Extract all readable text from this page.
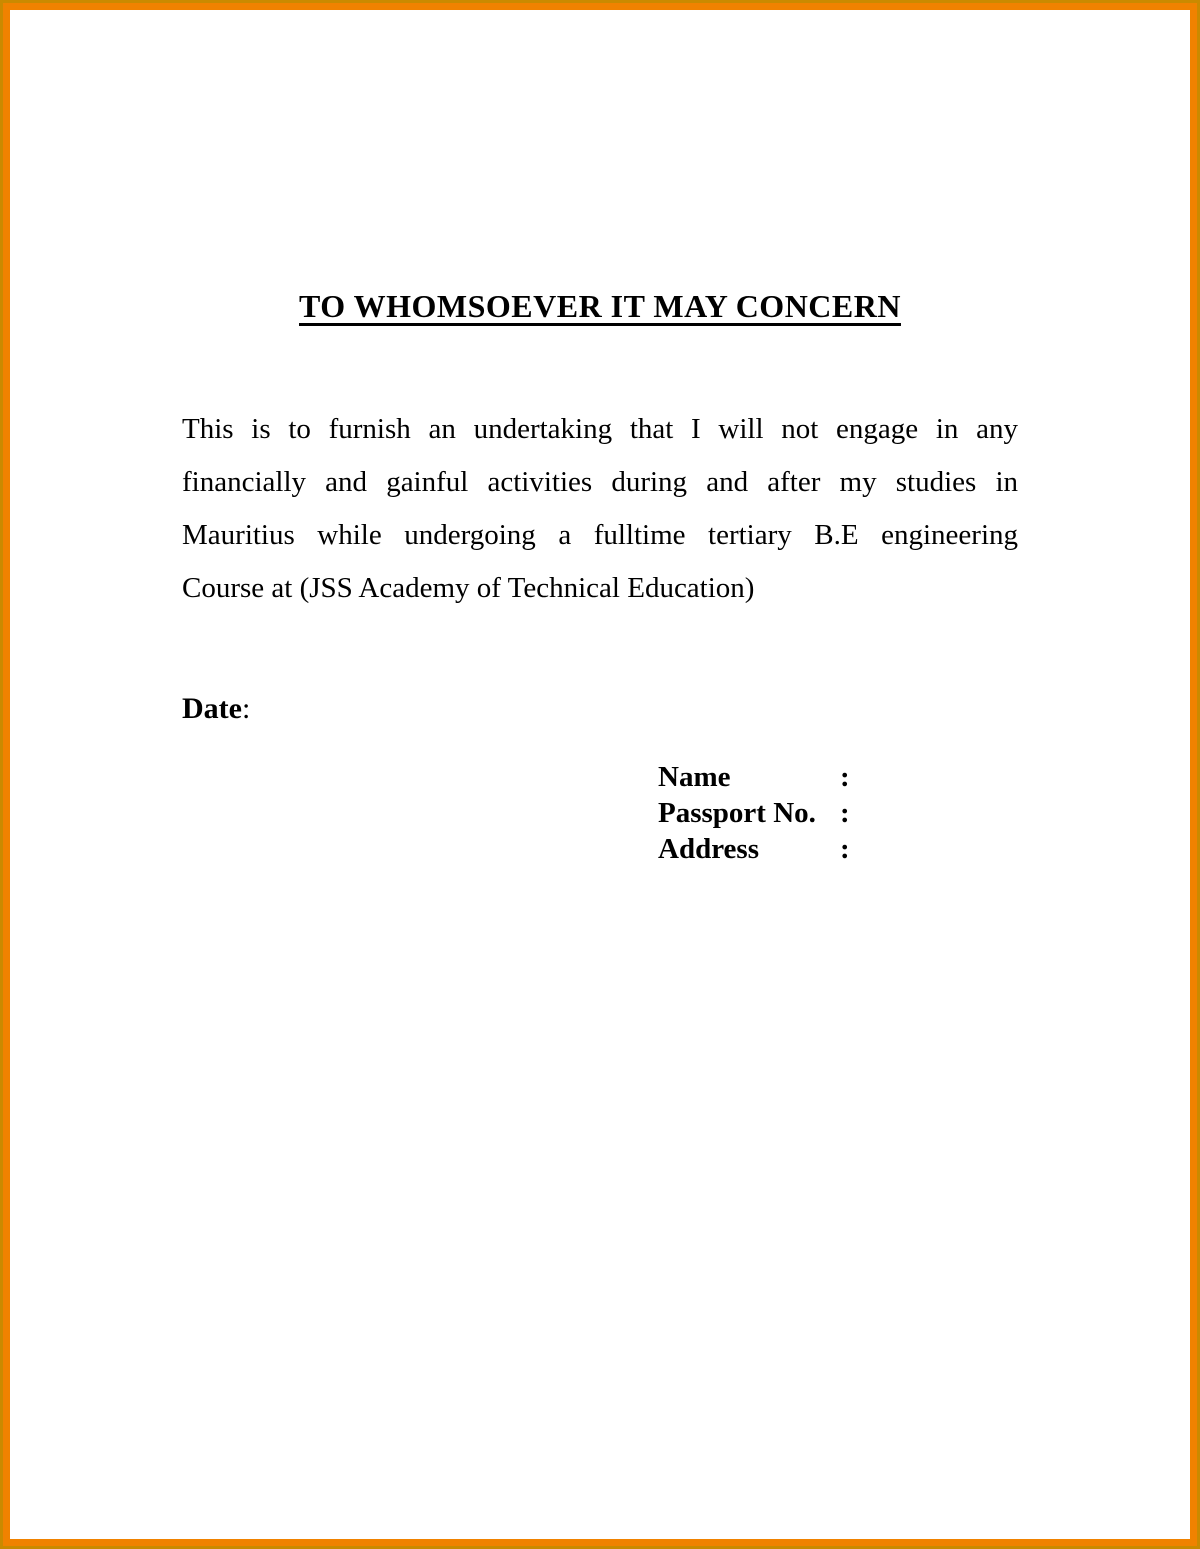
TO WHOMSOEVER IT MAY CONCERN
This is to furnish an undertaking that I will not engage in any
financially and gainful activities during and after my studies in
Mauritius while undergoing a fulltime tertiary B.E engineering
Course at (JSS Academy of Technical Education)
Date:
Name	:
Passport No. :
Address	:
